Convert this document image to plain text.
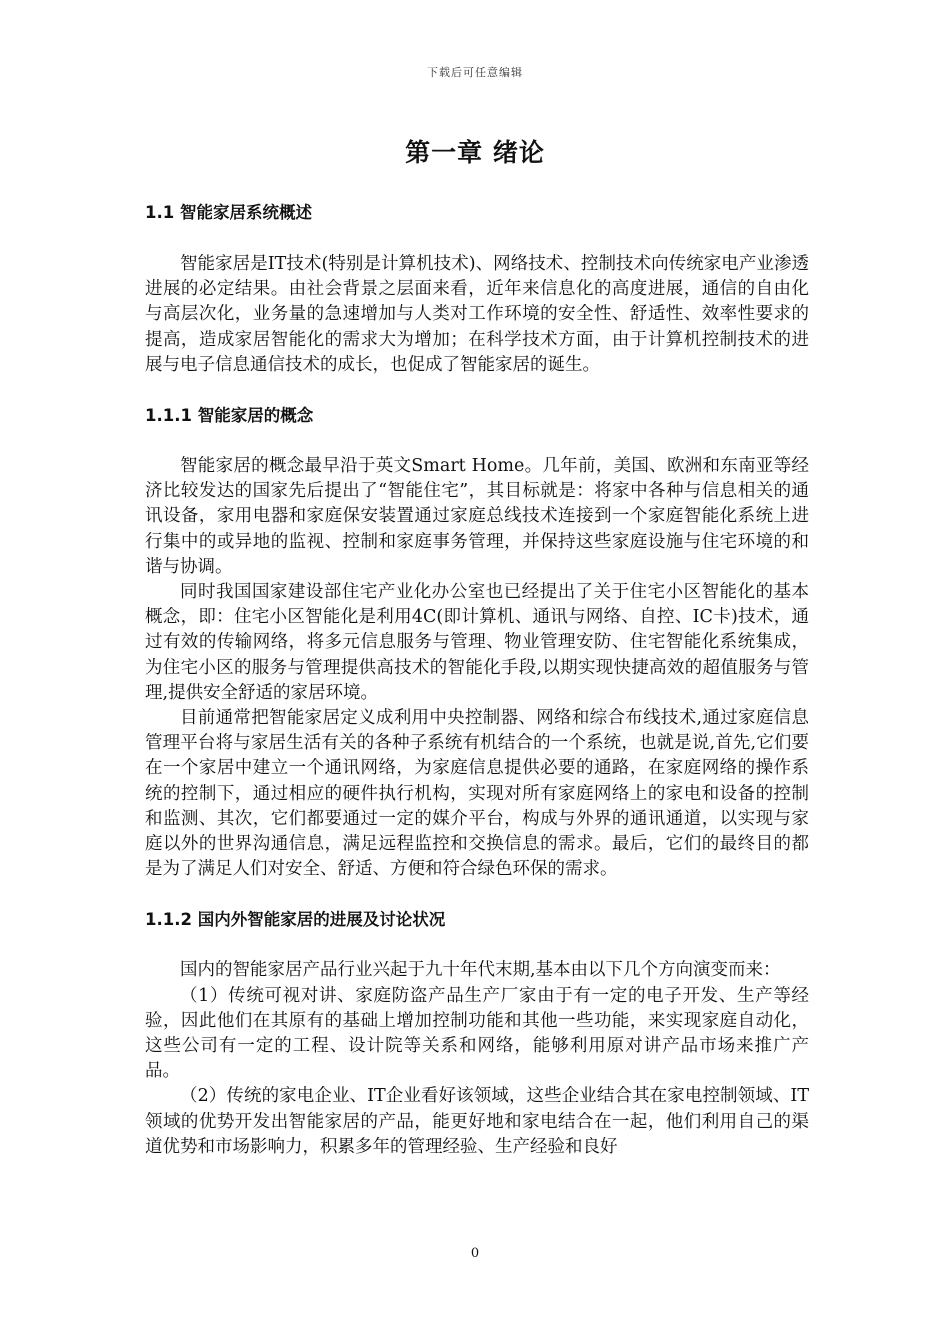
下载后可任意编辑
第一章 绪论
1.1 智能家居系统概述

智能家居是IT技术(特别是计算机技术)、网络技术、控制技术向传统家电产业渗透进展的必定结果。由社会背景之层面来看，近年来信息化的高度进展，通信的自由化与高层次化，业务量的急速增加与人类对工作环境的安全性、舒适性、效率性要求的提高，造成家居智能化的需求大为增加；在科学技术方面，由于计算机控制技术的进展与电子信息通信技术的成长，也促成了智能家居的诞生。

1.1.1 智能家居的概念

智能家居的概念最早沿于英文Smart Home。几年前，美国、欧洲和东南亚等经济比较发达的国家先后提出了“智能住宅”，其目标就是：将家中各种与信息相关的通讯设备，家用电器和家庭保安装置通过家庭总线技术连接到一个家庭智能化系统上进行集中的或异地的监视、控制和家庭事务管理，并保持这些家庭设施与住宅环境的和谐与协调。

同时我国国家建设部住宅产业化办公室也已经提出了关于住宅小区智能化的基本概念，即：住宅小区智能化是利用4C(即计算机、通讯与网络、自控、IC卡)技术，通过有效的传输网络，将多元信息服务与管理、物业管理安防、住宅智能化系统集成，为住宅小区的服务与管理提供高技术的智能化手段,以期实现快捷高效的超值服务与管理,提供安全舒适的家居环境。

目前通常把智能家居定义成利用中央控制器、网络和综合布线技术,通过家庭信息管理平台将与家居生活有关的各种子系统有机结合的一个系统，也就是说,首先,它们要在一个家居中建立一个通讯网络，为家庭信息提供必要的通路，在家庭网络的操作系统的控制下，通过相应的硬件执行机构，实现对所有家庭网络上的家电和设备的控制和监测、其次，它们都要通过一定的媒介平台，构成与外界的通讯通道，以实现与家庭以外的世界沟通信息，满足远程监控和交换信息的需求。最后，它们的最终目的都是为了满足人们对安全、舒适、方便和符合绿色环保的需求。

1.1.2 国内外智能家居的进展及讨论状况

国内的智能家居产品行业兴起于九十年代末期,基本由以下几个方向演变而来：

（1）传统可视对讲、家庭防盗产品生产厂家由于有一定的电子开发、生产等经验，因此他们在其原有的基础上增加控制功能和其他一些功能，来实现家庭自动化，这些公司有一定的工程、设计院等关系和网络，能够利用原对讲产品市场来推广产品。

（2）传统的家电企业、IT企业看好该领域，这些企业结合其在家电控制领域、IT领域的优势开发出智能家居的产品，能更好地和家电结合在一起，他们利用自己的渠道优势和市场影响力，积累多年的管理经验、生产经验和良好

0
